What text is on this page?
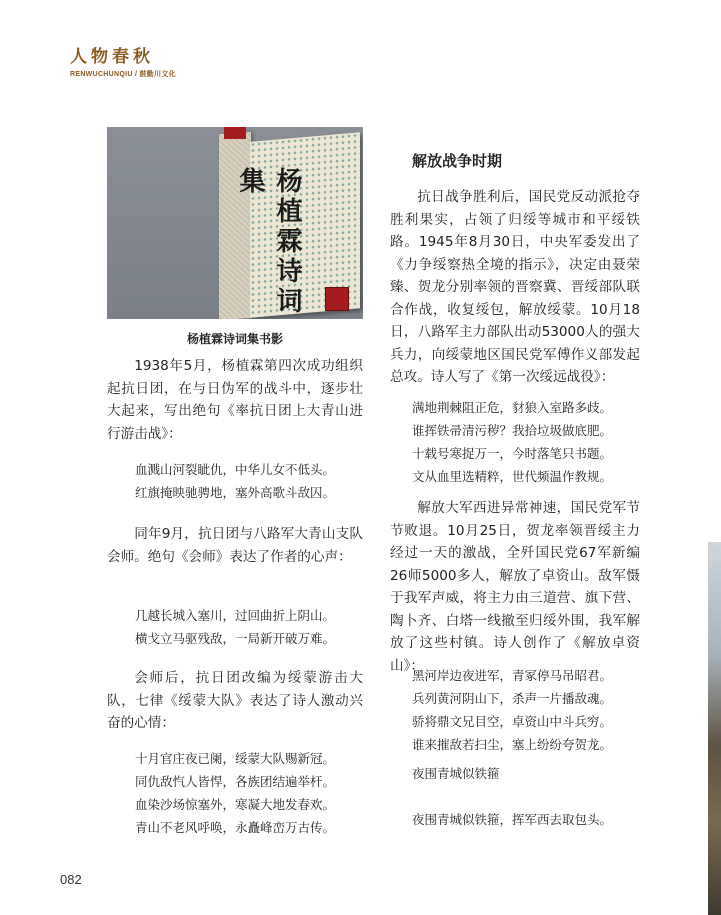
人物春秋
RENWUCHUNQIU / 鼓勤川文化
杨植霖诗词集
杨植霖诗词集书影
1938年5月，杨植霖第四次成功组织起抗日团，在与日伪军的战斗中，逐步壮大起来，写出绝句《率抗日团上大青山进行游击战》：
血溅山河裂眦仇，中华儿女不低头。
红旗掩映驰骋地，塞外高歌斗敌囚。
同年9月，抗日团与八路军大青山支队会师。绝句《会师》表达了作者的心声：
几越长城入塞川，过回曲折上阴山。
横戈立马驱残敌，一局新开破万难。
会师后，抗日团改编为绥蒙游击大队，七律《绥蒙大队》表达了诗人激动兴奋的心情：
十月官庄夜已阑，绥蒙大队赐新冠。
同仇敌忾人皆悍，各族团结遍举杆。
血染沙场惊塞外，寒凝大地发春欢。
青山不老风呼唤，永矗峰峦万古传。
解放战争时期
抗日战争胜利后，国民党反动派抢夺胜利果实，占领了归绥等城市和平绥铁路。1945年8月30日，中央军委发出了《力争绥察热全境的指示》，决定由聂荣臻、贺龙分别率领的晋察冀、晋绥部队联合作战，收复绥包，解放绥蒙。10月18日，八路军主力部队出动53000人的强大兵力，向绥蒙地区国民党军傅作义部发起总攻。诗人写了《第一次绥远战役》：
满地荆棘阻正危，豺狼入室路多歧。
谁挥铁帚清污秽？我拾垃圾做底肥。
十载号寒捉万一，今时落笔只书题。
文从血里选精粹，世代频温作教规。
解放大军西进异常神速，国民党军节节败退。10月25日，贺龙率领晋绥主力经过一天的激战，全歼国民党67军新编26师5000多人，解放了卓资山。敌军慑于我军声威，将主力由三道营、旗下营、陶卜齐、白塔一线撤至归绥外围，我军解放了这些村镇。诗人创作了《解放卓资山》：
黑河岸边夜进军，青冢停马吊昭君。
兵列黄河阴山下，杀声一片播敌魂。
骄将鼎文兄目空，卓资山中斗兵穷。
谁来摧敌若扫尘，塞上纷纷夸贺龙。
夜围青城似铁箍
夜围青城似铁箍，挥军西去取包头。
082
